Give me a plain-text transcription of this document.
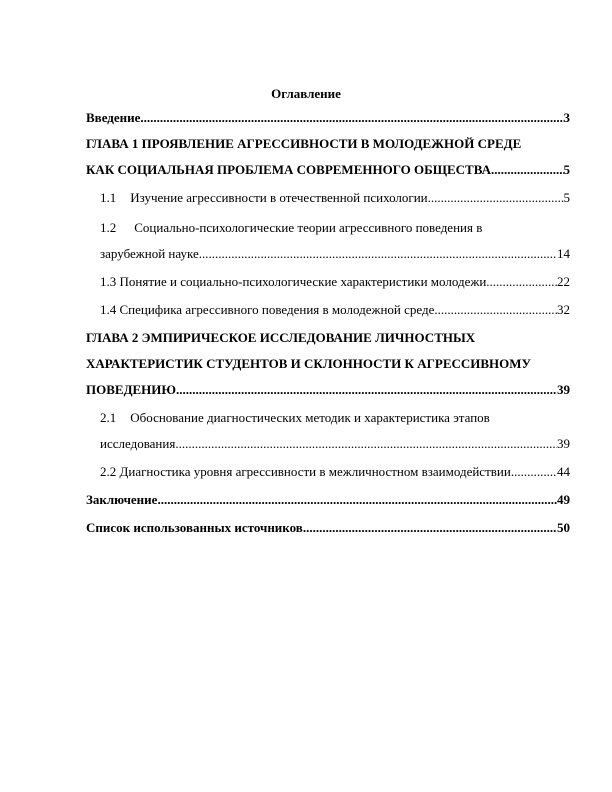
Оглавление
Введение .....	3
ГЛАВА 1 ПРОЯВЛЕНИЕ АГРЕССИВНОСТИ В МОЛОДЕЖНОЙ СРЕДЕ
КАК СОЦИАЛЬНАЯ ПРОБЛЕМА СОВРЕМЕННОГО ОБЩЕСТВА .....	5
1.1 Изучение агрессивности в отечественной психологии .....	5
1.2 Социально-психологические теории агрессивного поведения в
зарубежной науке .....	14
1.3 Понятие и социально-психологические характеристики молодежи .....	22
1.4 Специфика агрессивного поведения в молодежной среде .....	32
ГЛАВА 2 ЭМПИРИЧЕСКОЕ ИССЛЕДОВАНИЕ ЛИЧНОСТНЫХ
ХАРАКТЕРИСТИК СТУДЕНТОВ И СКЛОННОСТИ К АГРЕССИВНОМУ
ПОВЕДЕНИЮ .....	39
2.1 Обоснование диагностических методик и характеристика этапов
исследования .....	39
2.2 Диагностика уровня агрессивности в межличностном взаимодействии .....	44
Заключение .....	49
Список использованных источников .....	50
